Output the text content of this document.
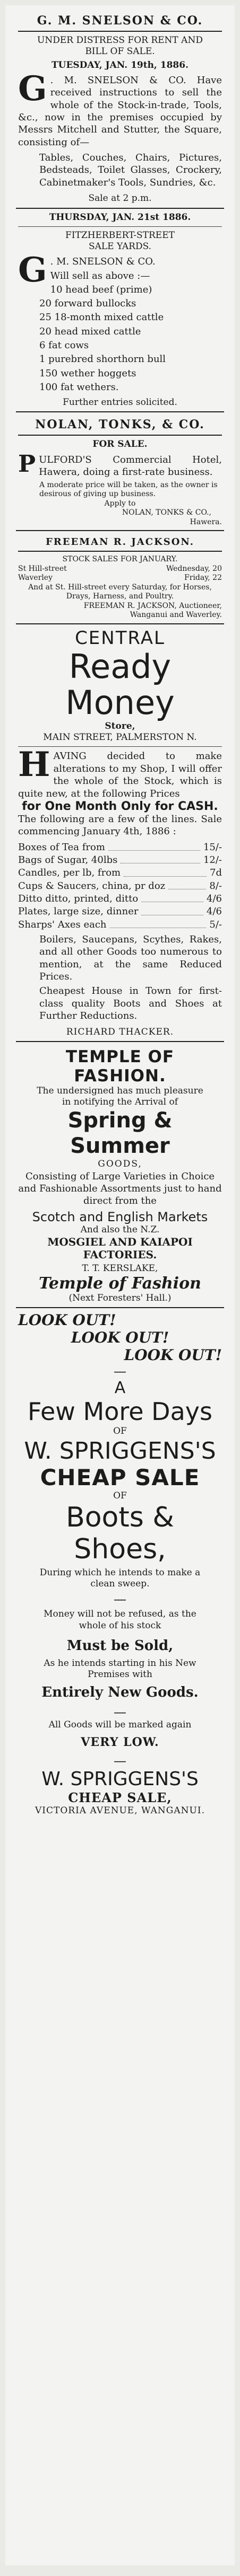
G. M. SNELSON & CO.
UNDER DISTRESS FOR RENT AND
BILL OF SALE.
TUESDAY, JAN. 19th, 1886.
G . M. SNELSON & CO. Have received instructions to sell the whole of the Stock-in-trade, Tools, &c., now in the premises occupied by Messrs Mitchell and Stutter, the Square, consisting of—
Tables, Couches, Chairs, Pictures, Bedsteads, Toilet Glasses, Crockery, Cabinetmaker's Tools, Sundries, &c.
Sale at 2 p.m.
THURSDAY, JAN. 21st 1886.
FITZHERBERT-STREET
SALE YARDS.
G . M. SNELSON & CO.
Will sell as above :—
10 head beef (prime)
20 forward bullocks
25 18-month mixed cattle
20 head mixed cattle
6 fat cows
1 purebred shorthorn bull
150 wether hoggets
100 fat wethers.
Further entries solicited.
NOLAN, TONKS, & CO.
FOR SALE.
PULFORD'S Commercial Hotel, Hawera, doing a first-rate business.
A moderate price will be taken, as the owner is desirous of giving up business.
Apply to
NOLAN, TONKS & CO.,
Hawera.
FREEMAN R. JACKSON.
STOCK SALES FOR JANUARY.
St Hill-street	Wednesday, 20
Waverley	Friday, 22
And at St. Hill-street every Saturday, for Horses, Drays, Harness, and Poultry.
FREEMAN R. JACKSON, Auctioneer,
Wanganui and Waverley.
CENTRAL
Ready Money
Store,
MAIN STREET, PALMERSTON N.
HAVING decided to make alterations to my Shop, I will offer the whole of the Stock, which is quite new, at the following Prices
for One Month Only for CASH.
The following are a few of the lines. Sale commencing January 4th, 1886 :
Boxes of Tea from	15/-
Bags of Sugar, 40lbs	12/-
Candles, per lb, from	7d
Cups & Saucers, china, pr doz	8/-
Ditto ditto, printed, ditto	4/6
Plates, large size, dinner	4/6
Sharps' Axes each	5/-
Boilers, Saucepans, Scythes, Rakes, and all other Goods too numerous to mention, at the same Reduced Prices.
Cheapest House in Town for first-class quality Boots and Shoes at Further Reductions.
RICHARD THACKER.
TEMPLE OF FASHION.
The undersigned has much pleasure in notifying the Arrival of
Spring & Summer
GOODS,
Consisting of Large Varieties in Choice and Fashionable Assortments just to hand direct from the
Scotch and English Markets
And also the N.Z.
MOSGIEL AND KAIAPOI
FACTORIES.
T. T. KERSLAKE,
Temple of Fashion
(Next Foresters' Hall.)
LOOK OUT!
LOOK OUT!
LOOK OUT!
—
A
Few More Days
OF
W. SPRIGGENS'S
CHEAP SALE
OF
Boots & Shoes,
During which he intends to make a clean sweep.
—
Money will not be refused, as the whole of his stock
Must be Sold,
As he intends starting in his New Premises with
Entirely New Goods.
—
All Goods will be marked again
VERY LOW.
—
W. SPRIGGENS'S
CHEAP SALE,
VICTORIA AVENUE, WANGANUI.
